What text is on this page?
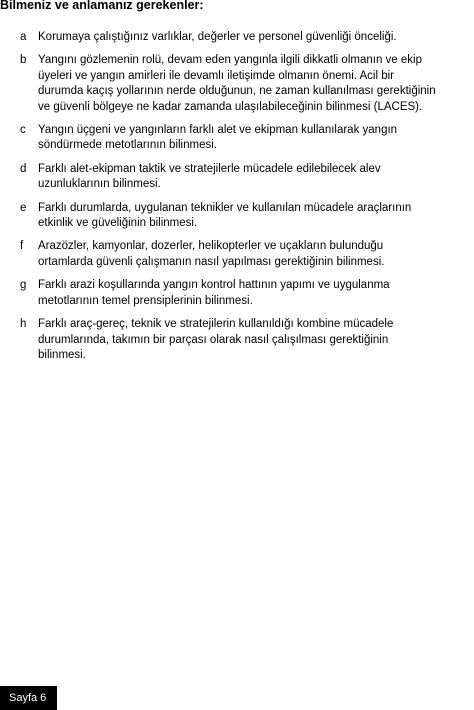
Bilmeniz ve anlamanız gerekenler:
a Korumaya çalıştığınız varlıklar, değerler ve personel güvenliği önceliği.
b Yangını gözlemenin rolü, devam eden yangınla ilgili dikkatli olmanın ve ekip
üyeleri ve yangın amirleri ile devamlı iletişimde olmanın önemi. Acil bir
durumda kaçış yollarının nerde olduğunun, ne zaman kullanılması gerektiğinin
ve güvenli bölgeye ne kadar zamanda ulaşılabileceğinin bilinmesi (LACES).
c Yangın üçgeni ve yangınların farklı alet ve ekipman kullanılarak yangın
söndürmede metotlarının bilinmesi.
d Farklı alet-ekipman taktik ve stratejilerle mücadele edilebilecek alev
uzunluklarının bilinmesi.
e Farklı durumlarda, uygulanan teknikler ve kullanılan mücadele araçlarının
etkinlik ve güveliğinin bilinmesi.
f Arazözler, kamyonlar, dozerler, helikopterler ve uçakların bulunduğu
ortamlarda güvenli çalışmanın nasıl yapılması gerektiğinin bilinmesi.
g Farklı arazi koşullarında yangın kontrol hattının yapımı ve uygulanma
metotlarının temel prensiplerinin bilinmesi.
h Farklı araç-gereç, teknik ve stratejilerin kullanıldığı kombine mücadele
durumlarında, takımın bir parçası olarak nasıl çalışılması gerektiğinin
bilinmesi.
Sayfa 6
